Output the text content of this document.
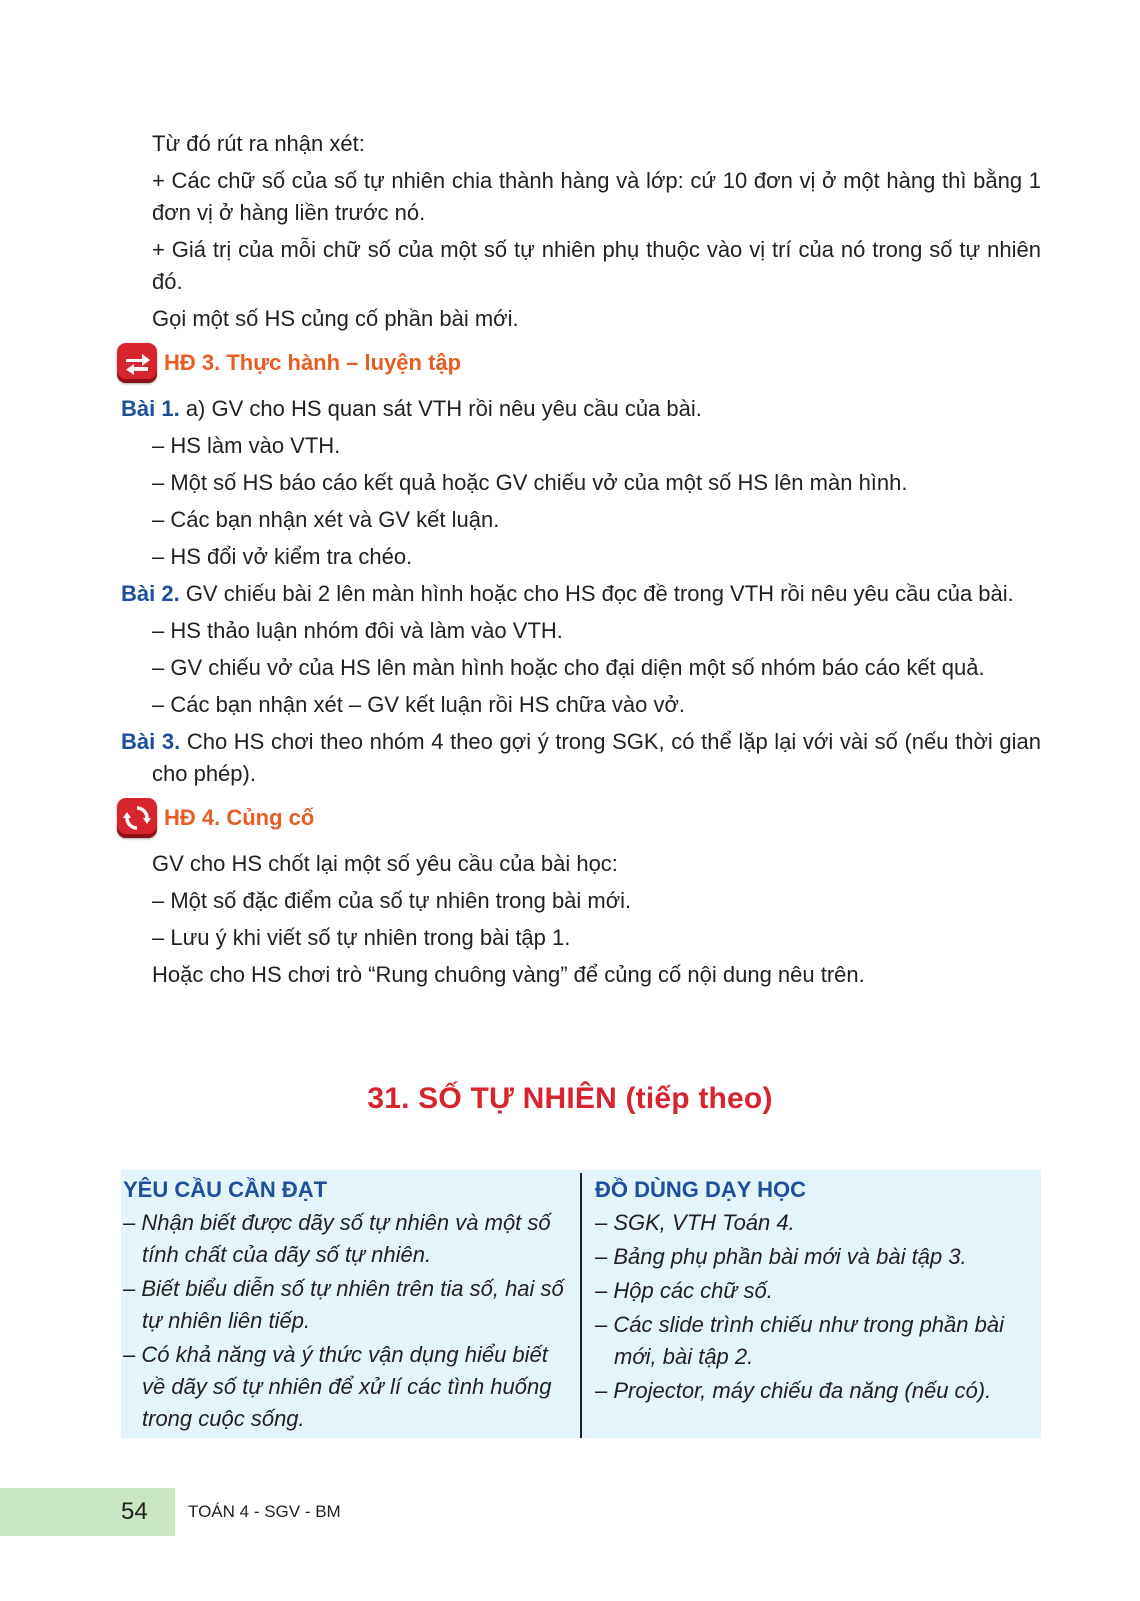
Từ đó rút ra nhận xét:

+ Các chữ số của số tự nhiên chia thành hàng và lớp: cứ 10 đơn vị ở một hàng thì bằng 1 đơn vị ở hàng liền trước nó.

+ Giá trị của mỗi chữ số của một số tự nhiên phụ thuộc vào vị trí của nó trong số tự nhiên đó.

Gọi một số HS củng cố phần bài mới.

HĐ 3. Thực hành – luyện tập

Bài 1. a) GV cho HS quan sát VTH rồi nêu yêu cầu của bài.

– HS làm vào VTH.

– Một số HS báo cáo kết quả hoặc GV chiếu vở của một số HS lên màn hình.

– Các bạn nhận xét và GV kết luận.

– HS đổi vở kiểm tra chéo.

Bài 2. GV chiếu bài 2 lên màn hình hoặc cho HS đọc đề trong VTH rồi nêu yêu cầu của bài.

– HS thảo luận nhóm đôi và làm vào VTH.

– GV chiếu vở của HS lên màn hình hoặc cho đại diện một số nhóm báo cáo kết quả.

– Các bạn nhận xét – GV kết luận rồi HS chữa vào vở.

Bài 3. Cho HS chơi theo nhóm 4 theo gợi ý trong SGK, có thể lặp lại với vài số (nếu thời gian cho phép).

HĐ 4. Củng cố

GV cho HS chốt lại một số yêu cầu của bài học:

– Một số đặc điểm của số tự nhiên trong bài mới.

– Lưu ý khi viết số tự nhiên trong bài tập 1.

Hoặc cho HS chơi trò “Rung chuông vàng” để củng cố nội dung nêu trên.

31. SỐ TỰ NHIÊN (tiếp theo)
YÊU CẦU CẦN ĐẠT

– Nhận biết được dãy số tự nhiên và một số tính chất của dãy số tự nhiên.

– Biết biểu diễn số tự nhiên trên tia số, hai số tự nhiên liên tiếp.

– Có khả năng và ý thức vận dụng hiểu biết về dãy số tự nhiên để xử lí các tình huống trong cuộc sống.

ĐỒ DÙNG DẠY HỌC

– SGK, VTH Toán 4.

– Bảng phụ phần bài mới và bài tập 3.

– Hộp các chữ số.

– Các slide trình chiếu như trong phần bài mới, bài tập 2.

– Projector, máy chiếu đa năng (nếu có).

54 TOÁN 4 - SGV - BM
